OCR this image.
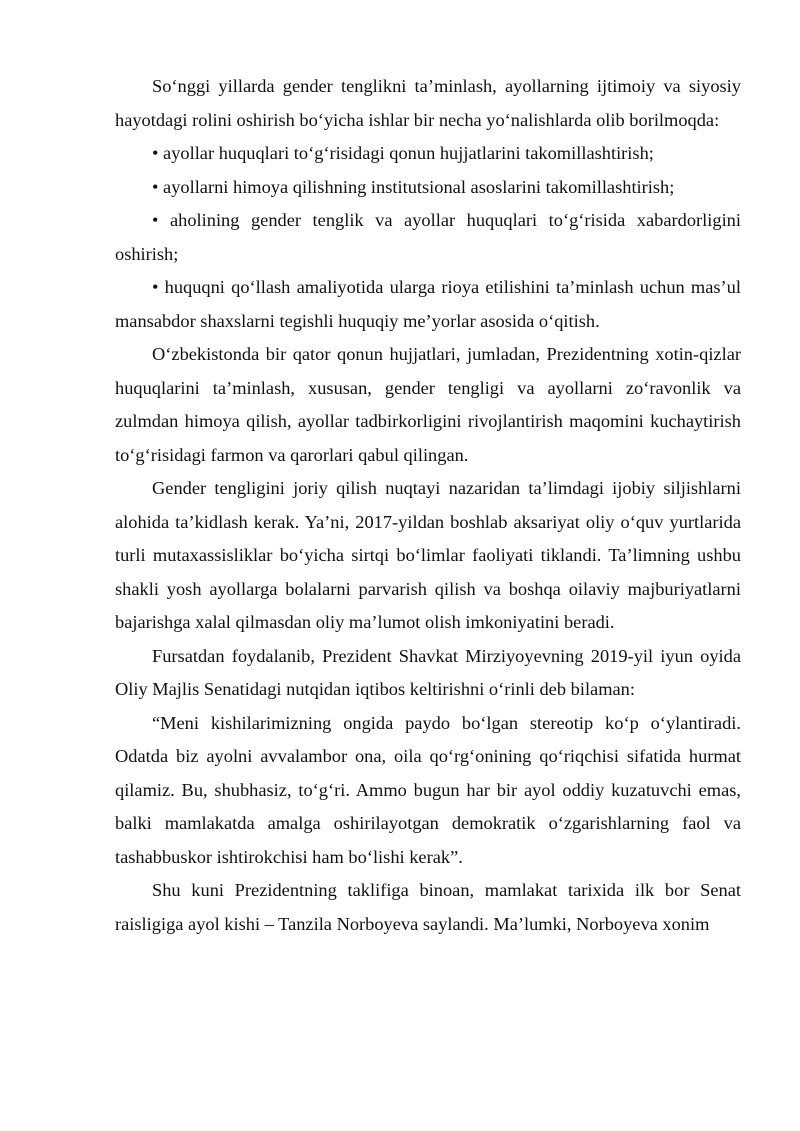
So‘nggi yillarda gender tenglikni ta’minlash, ayollarning ijtimoiy va siyosiy hayotdagi rolini oshirish bo‘yicha ishlar bir necha yo‘nalishlarda olib borilmoqda:

• ayollar huquqlari to‘g‘risidagi qonun hujjatlarini takomillashtirish;

• ayollarni himoya qilishning institutsional asoslarini takomillashtirish;

• aholining gender tenglik va ayollar huquqlari to‘g‘risida xabardorligini oshirish;

• huquqni qo‘llash amaliyotida ularga rioya etilishini ta’minlash uchun mas’ul mansabdor shaxslarni tegishli huquqiy me’yorlar asosida o‘qitish.

O‘zbekistonda bir qator qonun hujjatlari, jumladan, Prezidentning xotin-qizlar huquqlarini ta’minlash, xususan, gender tengligi va ayollarni zo‘ravonlik va zulmdan himoya qilish, ayollar tadbirkorligini rivojlantirish maqomini kuchaytirish to‘g‘risidagi farmon va qarorlari qabul qilingan.

Gender tengligini joriy qilish nuqtayi nazaridan ta’limdagi ijobiy siljishlarni alohida ta’kidlash kerak. Ya’ni, 2017-yildan boshlab aksariyat oliy o‘quv yurtlarida turli mutaxassisliklar bo‘yicha sirtqi bo‘limlar faoliyati tiklandi. Ta’limning ushbu shakli yosh ayollarga bolalarni parvarish qilish va boshqa oilaviy majburiyatlarni bajarishga xalal qilmasdan oliy ma’lumot olish imkoniyatini beradi.

Fursatdan foydalanib, Prezident Shavkat Mirziyoyevning 2019-yil iyun oyida Oliy Majlis Senatidagi nutqidan iqtibos keltirishni o‘rinli deb bilaman:

“Meni kishilarimizning ongida paydo bo‘lgan stereotip ko‘p o‘ylantiradi. Odatda biz ayolni avvalambor ona, oila qo‘rg‘onining qo‘riqchisi sifatida hurmat qilamiz. Bu, shubhasiz, to‘g‘ri. Ammo bugun har bir ayol oddiy kuzatuvchi emas, balki mamlakatda amalga oshirilayotgan demokratik o‘zgarishlarning faol va tashabbuskor ishtirokchisi ham bo‘lishi kerak”.

Shu kuni Prezidentning taklifiga binoan, mamlakat tarixida ilk bor Senat raisligiga ayol kishi – Tanzila Norboyeva saylandi. Ma’lumki, Norboyeva xonim
